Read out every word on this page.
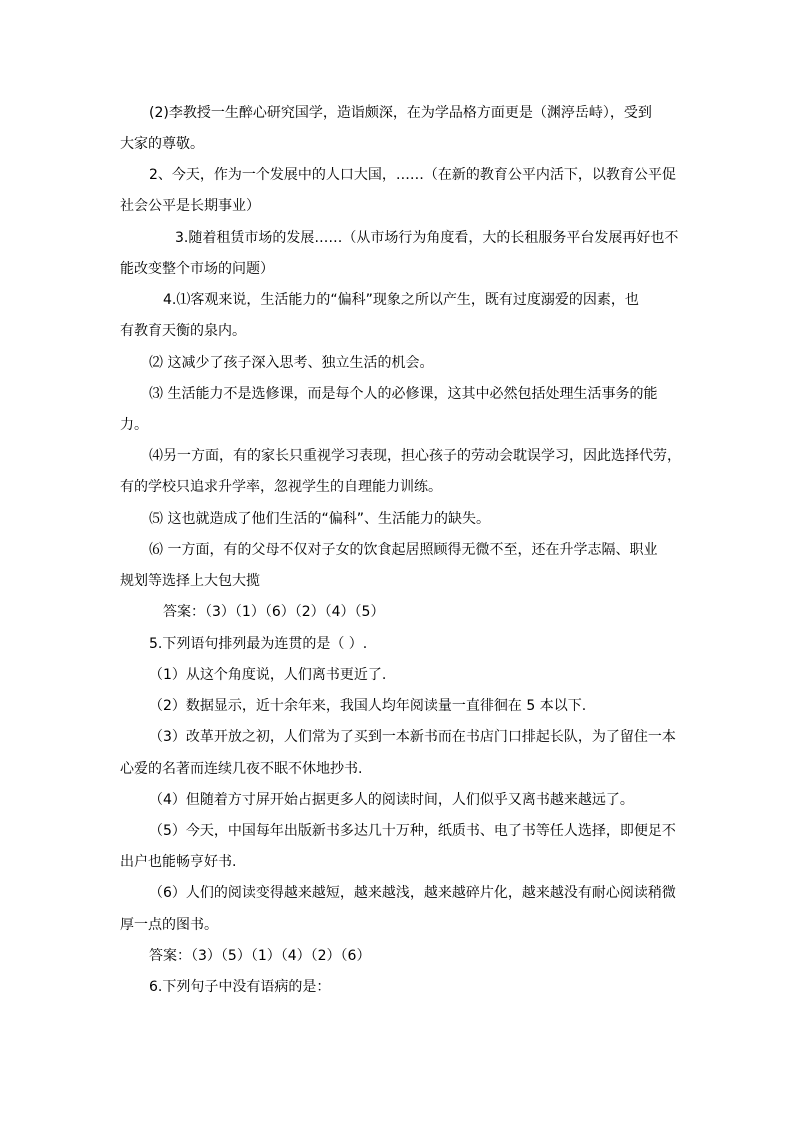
(2)李教授一生醉心研究国学，造诣颇深，在为学品格方面更是（渊渟岳峙），受到
大家的尊敬。
2、今天，作为一个发展中的人口大国，……（在新的教育公平内活下，以教育公平促
社会公平是长期事业）
3.随着租赁市场的发展……（从市场行为角度看，大的长租服务平台发展再好也不
能改变整个市场的问题）
4.⑴客观来说，生活能力的“偏科”现象之所以产生，既有过度溺爱的因素，也
有教育天衡的泉内。
⑵ 这减少了孩子深入思考、独立生活的机会。
⑶ 生活能力不是选修课，而是每个人的必修课，这其中必然包括处理生活事务的能
力。
⑷另一方面，有的家长只重视学习表现，担心孩子的劳动会耽误学习，因此选择代劳，
有的学校只追求升学率，忽视学生的自理能力训练。
⑸ 这也就造成了他们生活的“偏科”、生活能力的缺失。
⑹ 一方面，有的父母不仅对子女的饮食起居照顾得无微不至，还在升学志隔、职业
规划等选择上大包大揽
答案：（3）（1）（6）（2）（4）（5）
5.下列语句排列最为连贯的是（ ）.
（1）从这个角度说，人们离书更近了.
（2）数据显示，近十余年来，我国人均年阅读量一直徘徊在 5 本以下.
（3）改革开放之初，人们常为了买到一本新书而在书店门口排起长队，为了留住一本
心爱的名著而连续几夜不眠不休地抄书.
（4）但随着方寸屏开始占据更多人的阅读时间，人们似乎又离书越来越远了。
（5）今天，中国每年出版新书多达几十万种，纸质书、电了书等任人选择，即便足不
出户也能畅亨好书.
（6）人们的阅读变得越来越短，越来越浅，越来越碎片化，越来越没有耐心阅读稍微
厚一点的图书。
答案：（3）（5）（1）（4）（2）（6）
6.下列句子中没有语病的是：
